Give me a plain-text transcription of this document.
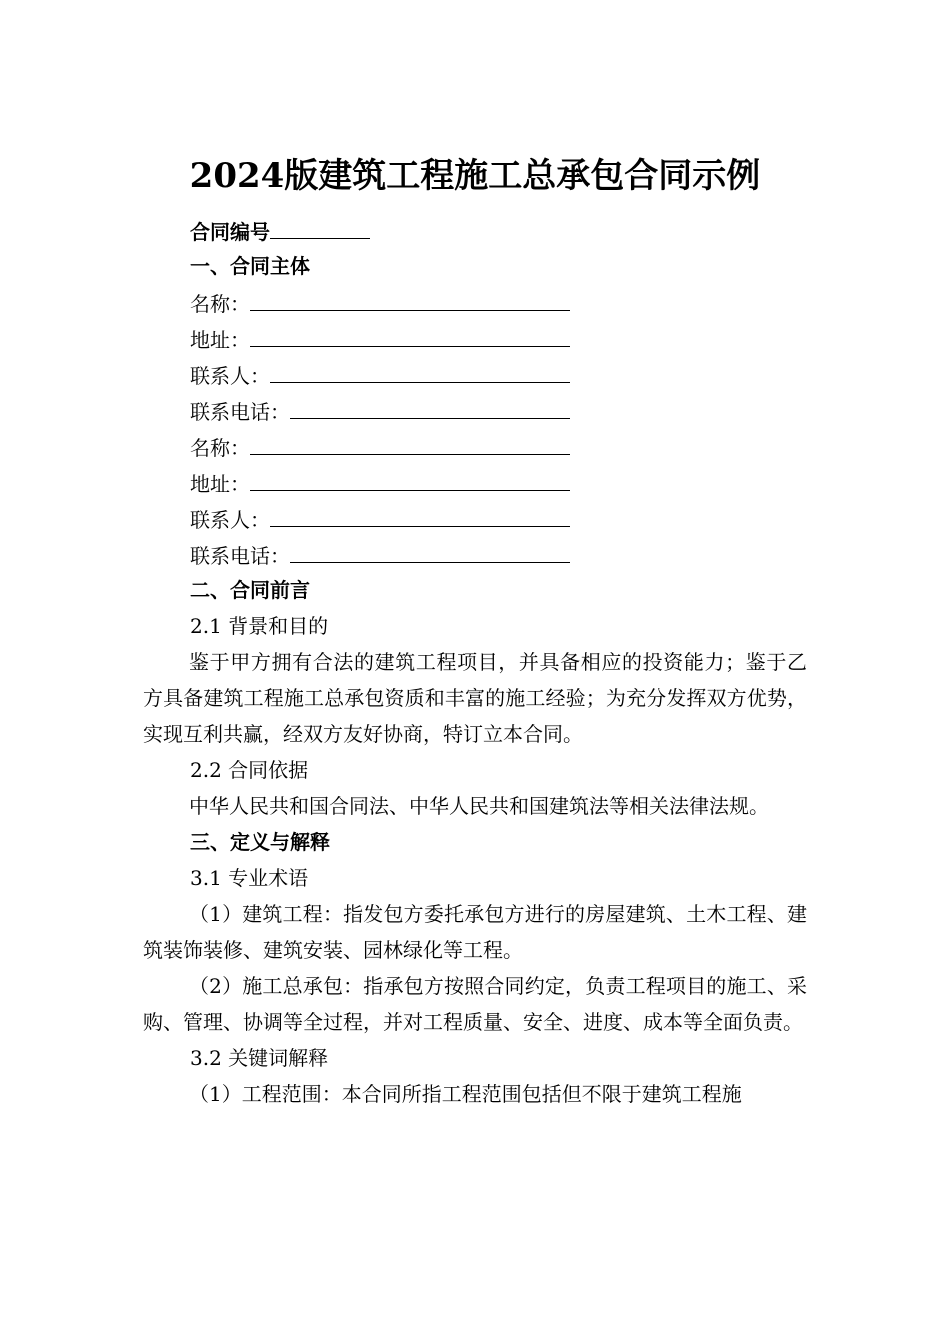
2024版建筑工程施工总承包合同示例
合同编号
一、合同主体
名称：
地址：
联系人：
联系电话：
名称：
地址：
联系人：
联系电话：
二、合同前言
2.1 背景和目的
鉴于甲方拥有合法的建筑工程项目，并具备相应的投资能力；鉴于乙方具备建筑工程施工总承包资质和丰富的施工经验；为充分发挥双方优势，实现互利共赢，经双方友好协商，特订立本合同。
2.2 合同依据
中华人民共和国合同法、中华人民共和国建筑法等相关法律法规。
三、定义与解释
3.1 专业术语
（1）建筑工程：指发包方委托承包方进行的房屋建筑、土木工程、建筑装饰装修、建筑安装、园林绿化等工程。
（2）施工总承包：指承包方按照合同约定，负责工程项目的施工、采购、管理、协调等全过程，并对工程质量、安全、进度、成本等全面负责。
3.2 关键词解释
（1）工程范围：本合同所指工程范围包括但不限于建筑工程施
